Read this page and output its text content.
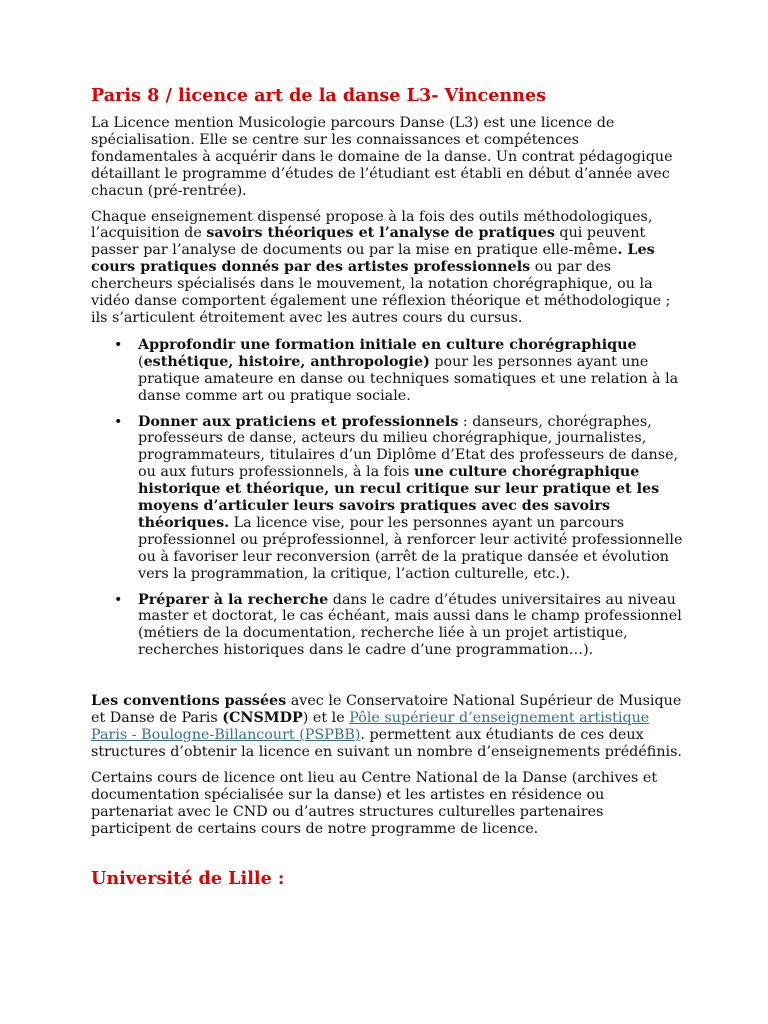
Paris 8 / licence art de la danse L3- Vincennes

La Licence mention Musicologie parcours Danse (L3) est une licence de spécialisation. Elle se centre sur les connaissances et compétences fondamentales à acquérir dans le domaine de la danse. Un contrat pédagogique détaillant le programme d’études de l’étudiant est établi en début d’année avec chacun (pré-rentrée).

Chaque enseignement dispensé propose à la fois des outils méthodologiques, l’acquisition de savoirs théoriques et l’analyse de pratiques qui peuvent passer par l’analyse de documents ou par la mise en pratique elle-même. Les cours pratiques donnés par des artistes professionnels ou par des chercheurs spécialisés dans le mouvement, la notation chorégraphique, ou la vidéo danse comportent également une réflexion théorique et méthodologique ; ils s’articulent étroitement avec les autres cours du cursus.

• Approfondir une formation initiale en culture chorégraphique (esthétique, histoire, anthropologie) pour les personnes ayant une pratique amateure en danse ou techniques somatiques et une relation à la danse comme art ou pratique sociale.
• Donner aux praticiens et professionnels : danseurs, chorégraphes, professeurs de danse, acteurs du milieu chorégraphique, journalistes, programmateurs, titulaires d’un Diplôme d’Etat des professeurs de danse, ou aux futurs professionnels, à la fois une culture chorégraphique historique et théorique, un recul critique sur leur pratique et les moyens d’articuler leurs savoirs pratiques avec des savoirs théoriques. La licence vise, pour les personnes ayant un parcours professionnel ou préprofessionnel, à renforcer leur activité professionnelle ou à favoriser leur reconversion (arrêt de la pratique dansée et évolution vers la programmation, la critique, l’action culturelle, etc.).
• Préparer à la recherche dans le cadre d’études universitaires au niveau master et doctorat, le cas échéant, mais aussi dans le champ professionnel (métiers de la documentation, recherche liée à un projet artistique, recherches historiques dans le cadre d’une programmation…).

Les conventions passées avec le Conservatoire National Supérieur de Musique et Danse de Paris (CNSMDP) et le Pôle supérieur d’enseignement artistique Paris - Boulogne-Billancourt (PSPBB). permettent aux étudiants de ces deux structures d’obtenir la licence en suivant un nombre d’enseignements prédéfinis.

Certains cours de licence ont lieu au Centre National de la Danse (archives et documentation spécialisée sur la danse) et les artistes en résidence ou partenariat avec le CND ou d’autres structures culturelles partenaires participent de certains cours de notre programme de licence.

Université de Lille :
